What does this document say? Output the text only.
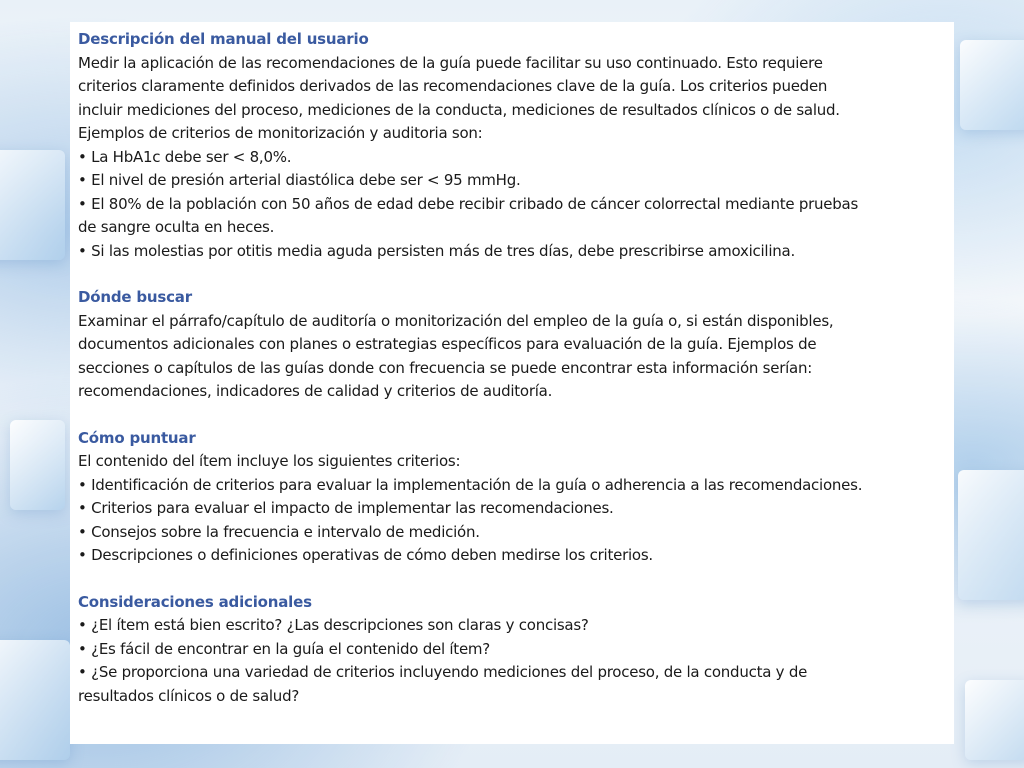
Descripción del manual del usuario

Medir la aplicación de las recomendaciones de la guía puede facilitar su uso continuado. Esto requiere

criterios claramente definidos derivados de las recomendaciones clave de la guía. Los criterios pueden

incluir mediciones del proceso, mediciones de la conducta, mediciones de resultados clínicos o de salud.

Ejemplos de criterios de monitorización y auditoria son:

• La HbA1c debe ser < 8,0%.

• El nivel de presión arterial diastólica debe ser < 95 mmHg.

• El 80% de la población con 50 años de edad debe recibir cribado de cáncer colorrectal mediante pruebas

de sangre oculta en heces.

• Si las molestias por otitis media aguda persisten más de tres días, debe prescribirse amoxicilina.

Dónde buscar

Examinar el párrafo/capítulo de auditoría o monitorización del empleo de la guía o, si están disponibles,

documentos adicionales con planes o estrategias específicos para evaluación de la guía. Ejemplos de

secciones o capítulos de las guías donde con frecuencia se puede encontrar esta información serían:

recomendaciones, indicadores de calidad y criterios de auditoría.

Cómo puntuar

El contenido del ítem incluye los siguientes criterios:

• Identificación de criterios para evaluar la implementación de la guía o adherencia a las recomendaciones.

• Criterios para evaluar el impacto de implementar las recomendaciones.

• Consejos sobre la frecuencia e intervalo de medición.

• Descripciones o definiciones operativas de cómo deben medirse los criterios.

Consideraciones adicionales

• ¿El ítem está bien escrito? ¿Las descripciones son claras y concisas?

• ¿Es fácil de encontrar en la guía el contenido del ítem?

• ¿Se proporciona una variedad de criterios incluyendo mediciones del proceso, de la conducta y de

resultados clínicos o de salud?
